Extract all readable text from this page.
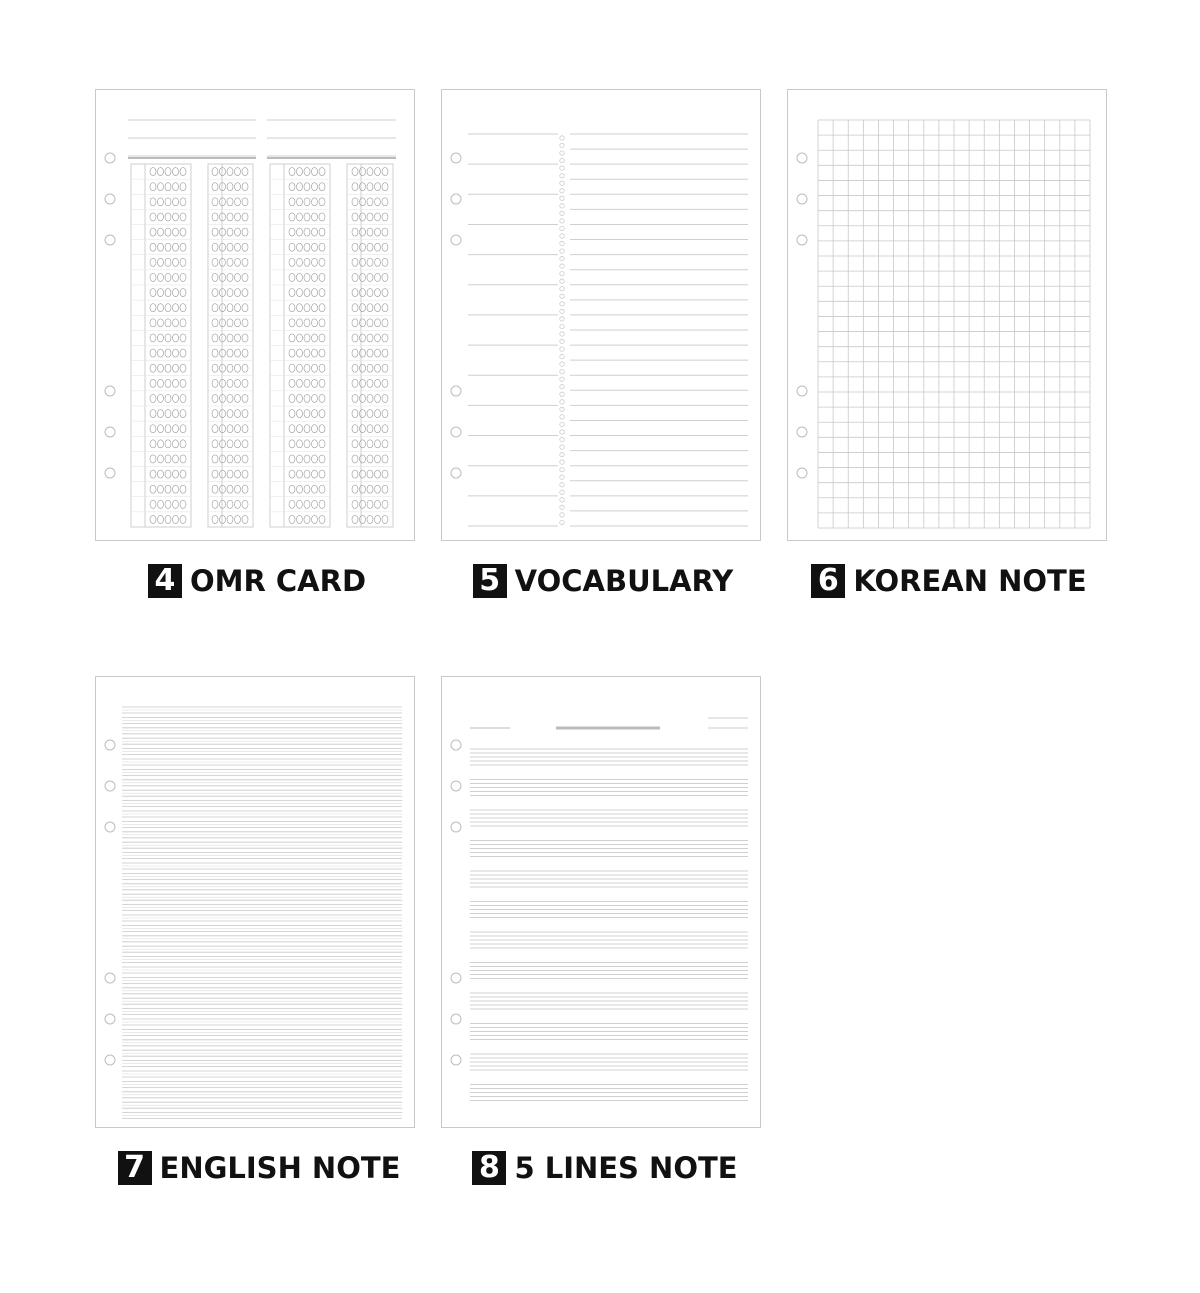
4 OMR CARD	5 VOCABULARY	6 KOREAN NOTE
7 ENGLISH NOTE	8 5 LINES NOTE
